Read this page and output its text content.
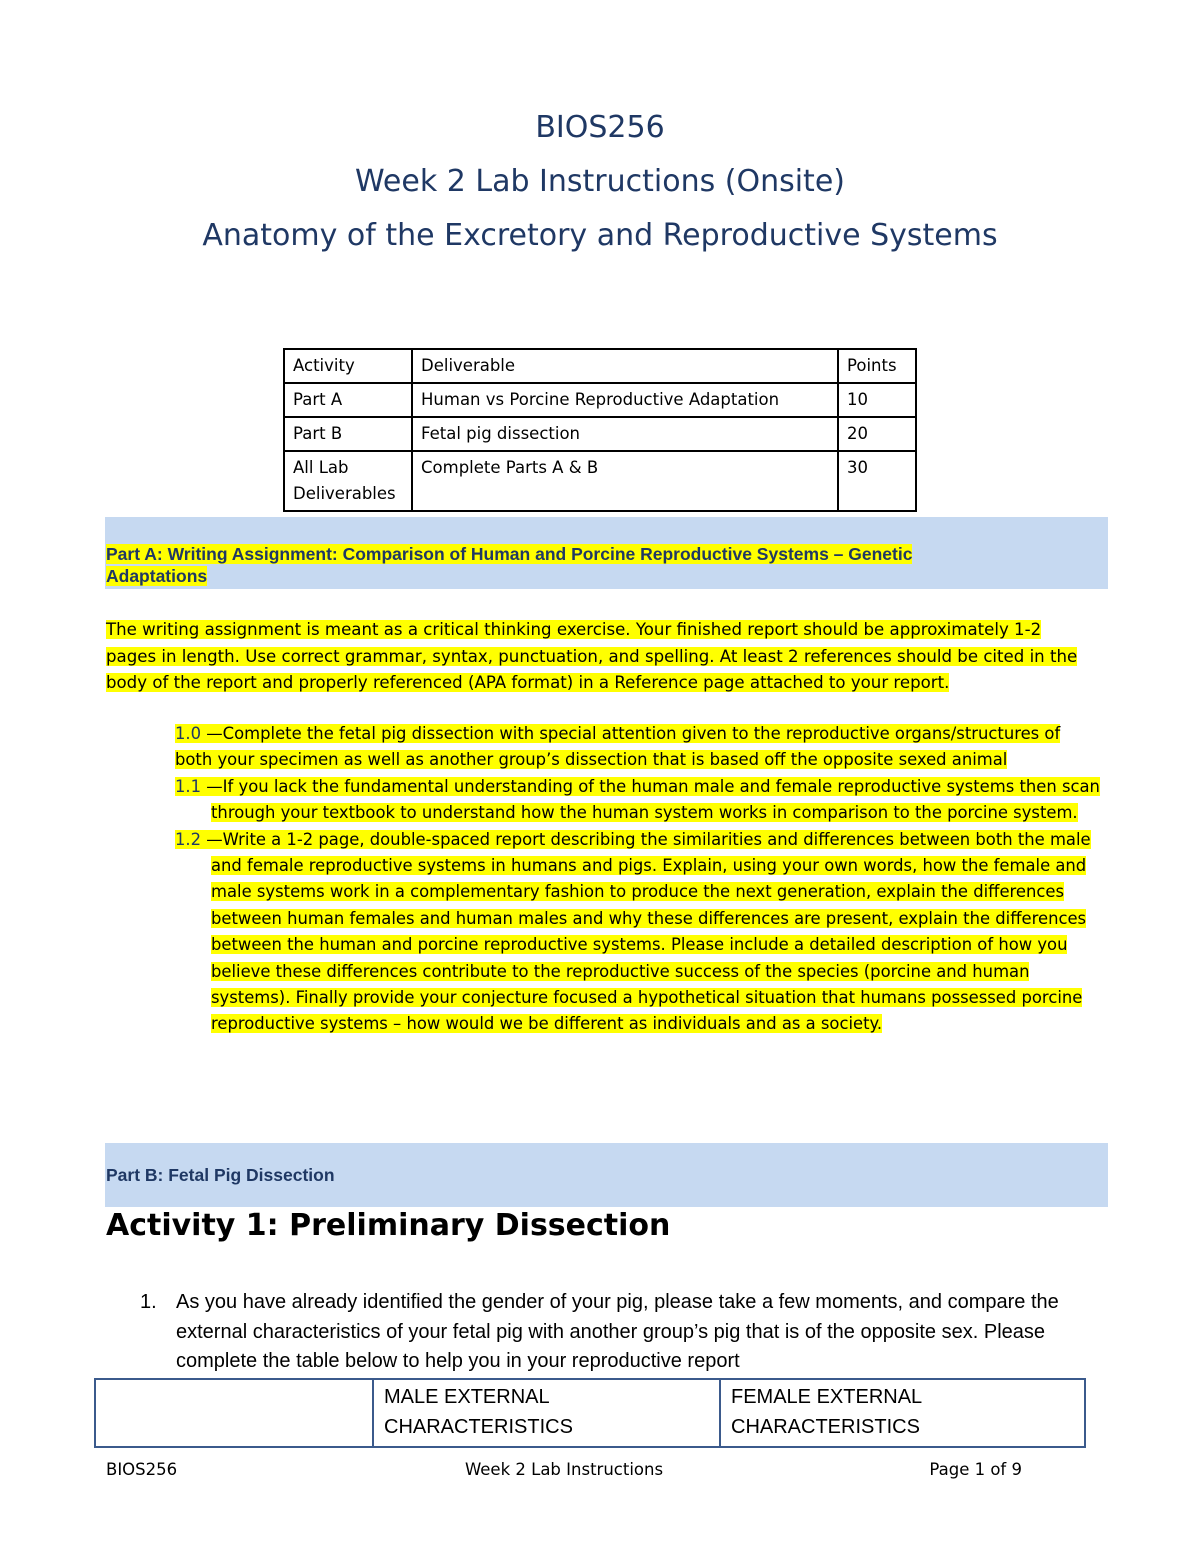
BIOS256
Week 2 Lab Instructions (Onsite)
Anatomy of the Excretory and Reproductive Systems
Activity	Deliverable	Points
Part A	Human vs Porcine Reproductive Adaptation	10
Part B	Fetal pig dissection	20
All Lab Deliverables	Complete Parts A & B	30
Part A: Writing Assignment: Comparison of Human and Porcine Reproductive Systems – Genetic
Adaptations
The writing assignment is meant as a critical thinking exercise. Your finished report should be approximately 1-2 pages in length. Use correct grammar, syntax, punctuation, and spelling. At least 2 references should be cited in the body of the report and properly referenced (APA format) in a Reference page attached to your report.
1.0 —Complete the fetal pig dissection with special attention given to the reproductive organs/structures of both your specimen as well as another group’s dissection that is based off the opposite sexed animal
1.1 —If you lack the fundamental understanding of the human male and female reproductive systems then scan through your textbook to understand how the human system works in comparison to the porcine system.
1.2 —Write a 1-2 page, double-spaced report describing the similarities and differences between both the male and female reproductive systems in humans and pigs. Explain, using your own words, how the female and male systems work in a complementary fashion to produce the next generation, explain the differences between human females and human males and why these differences are present, explain the differences between the human and porcine reproductive systems. Please include a detailed description of how you believe these differences contribute to the reproductive success of the species (porcine and human systems). Finally provide your conjecture focused a hypothetical situation that humans possessed porcine reproductive systems – how would we be different as individuals and as a society.
Part B: Fetal Pig Dissection
Activity 1: Preliminary Dissection
1. As you have already identified the gender of your pig, please take a few moments, and compare the external characteristics of your fetal pig with another group’s pig that is of the opposite sex. Please complete the table below to help you in your reproductive report
	MALE EXTERNAL CHARACTERISTICS	FEMALE EXTERNAL CHARACTERISTICS
BIOS256	Week 2 Lab Instructions	Page 1 of 9
